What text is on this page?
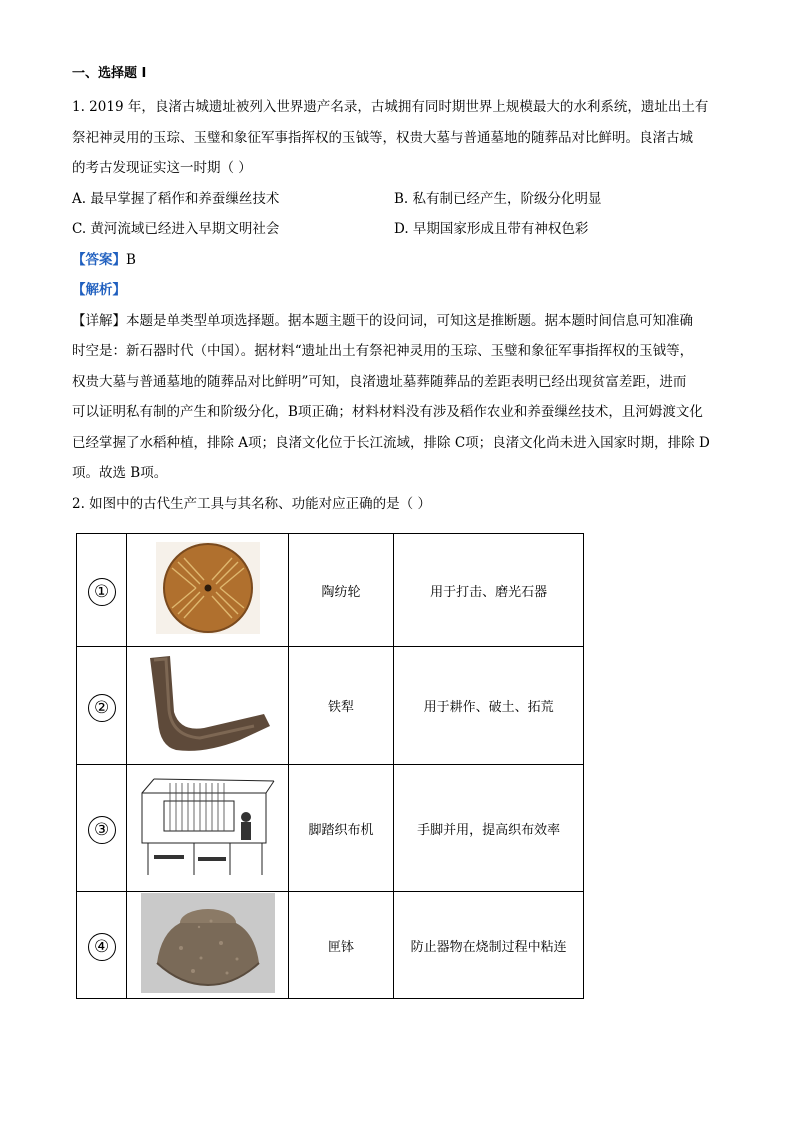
一、选择题 I

1. 2019 年，良渚古城遗址被列入世界遗产名录，古城拥有同时期世界上规模最大的水利系统，遗址出土有

祭祀神灵用的玉琮、玉璧和象征军事指挥权的玉钺等，权贵大墓与普通墓地的随葬品对比鲜明。良渚古城

的考古发现证实这一时期（ ）

A. 最早掌握了稻作和养蚕缫丝技术	B. 私有制已经产生，阶级分化明显
C. 黄河流域已经进入早期文明社会	D. 早期国家形成且带有神权色彩

【答案】B

【解析】

【详解】本题是单类型单项选择题。据本题主题干的设问词，可知这是推断题。据本题时间信息可知准确

时空是：新石器时代（中国）。据材料“遗址出土有祭祀神灵用的玉琮、玉璧和象征军事指挥权的玉钺等，

权贵大墓与普通墓地的随葬品对比鲜明”可知，良渚遗址墓葬随葬品的差距表明已经出现贫富差距，进而

可以证明私有制的产生和阶级分化，B项正确；材料材料没有涉及稻作农业和养蚕缫丝技术，且河姆渡文化

已经掌握了水稻种植，排除 A项；良渚文化位于长江流域，排除 C项；良渚文化尚未进入国家时期，排除 D

项。故选 B项。

2. 如图中的古代生产工具与其名称、功能对应正确的是（ ）

①		陶纺轮	用于打击、磨光石器
②		铁犁	用于耕作、破土、拓荒
③		脚踏织布机	手脚并用，提高织布效率
④		匣钵	防止器物在烧制过程中粘连
